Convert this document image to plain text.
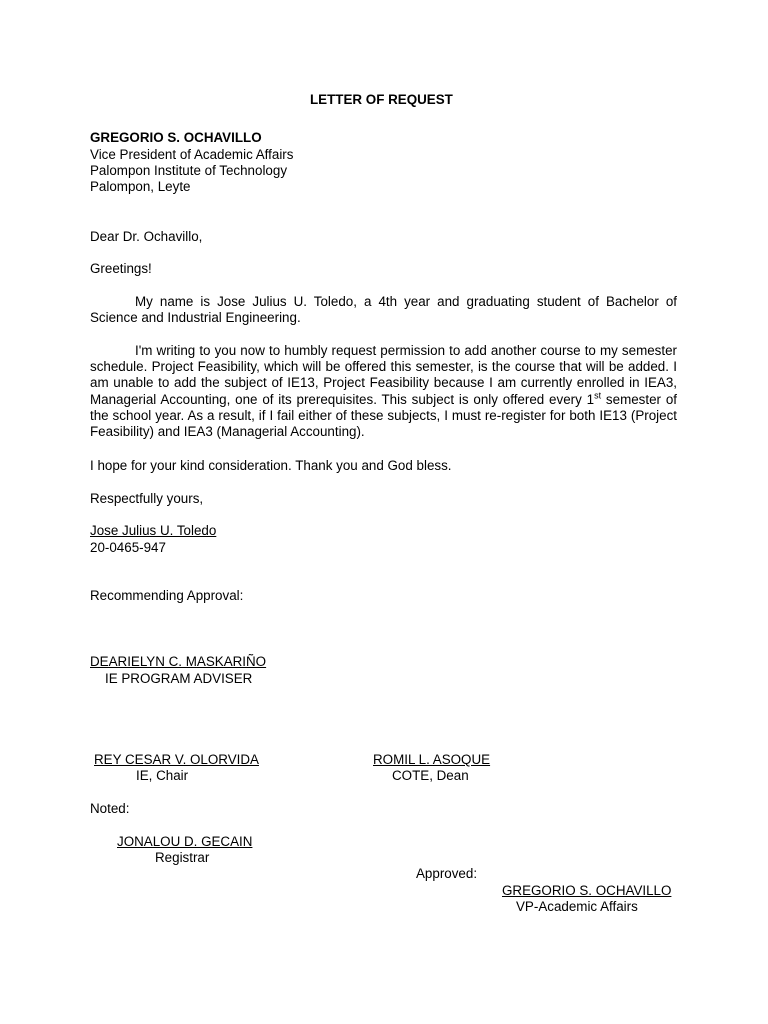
LETTER OF REQUEST
GREGORIO S. OCHAVILLO
Vice President of Academic Affairs
Palompon Institute of Technology
Palompon, Leyte
Dear Dr. Ochavillo,
Greetings!
My name is Jose Julius U. Toledo, a 4th year and graduating student of Bachelor of Science and Industrial Engineering.
I'm writing to you now to humbly request permission to add another course to my semester schedule. Project Feasibility, which will be offered this semester, is the course that will be added. I am unable to add the subject of IE13, Project Feasibility because I am currently enrolled in IEA3, Managerial Accounting, one of its prerequisites. This subject is only offered every 1st semester of the school year. As a result, if I fail either of these subjects, I must re-register for both IE13 (Project Feasibility) and IEA3 (Managerial Accounting).
I hope for your kind consideration. Thank you and God bless.
Respectfully yours,
Jose Julius U. Toledo
20-0465-947
Recommending Approval:
DEARIELYN C. MASKARIÑO
IE PROGRAM ADVISER
REY CESAR V. OLORVIDA
IE, Chair
ROMIL L. ASOQUE
COTE, Dean
Noted:
JONALOU D. GECAIN
Registrar
Approved:
GREGORIO S. OCHAVILLO
VP-Academic Affairs
